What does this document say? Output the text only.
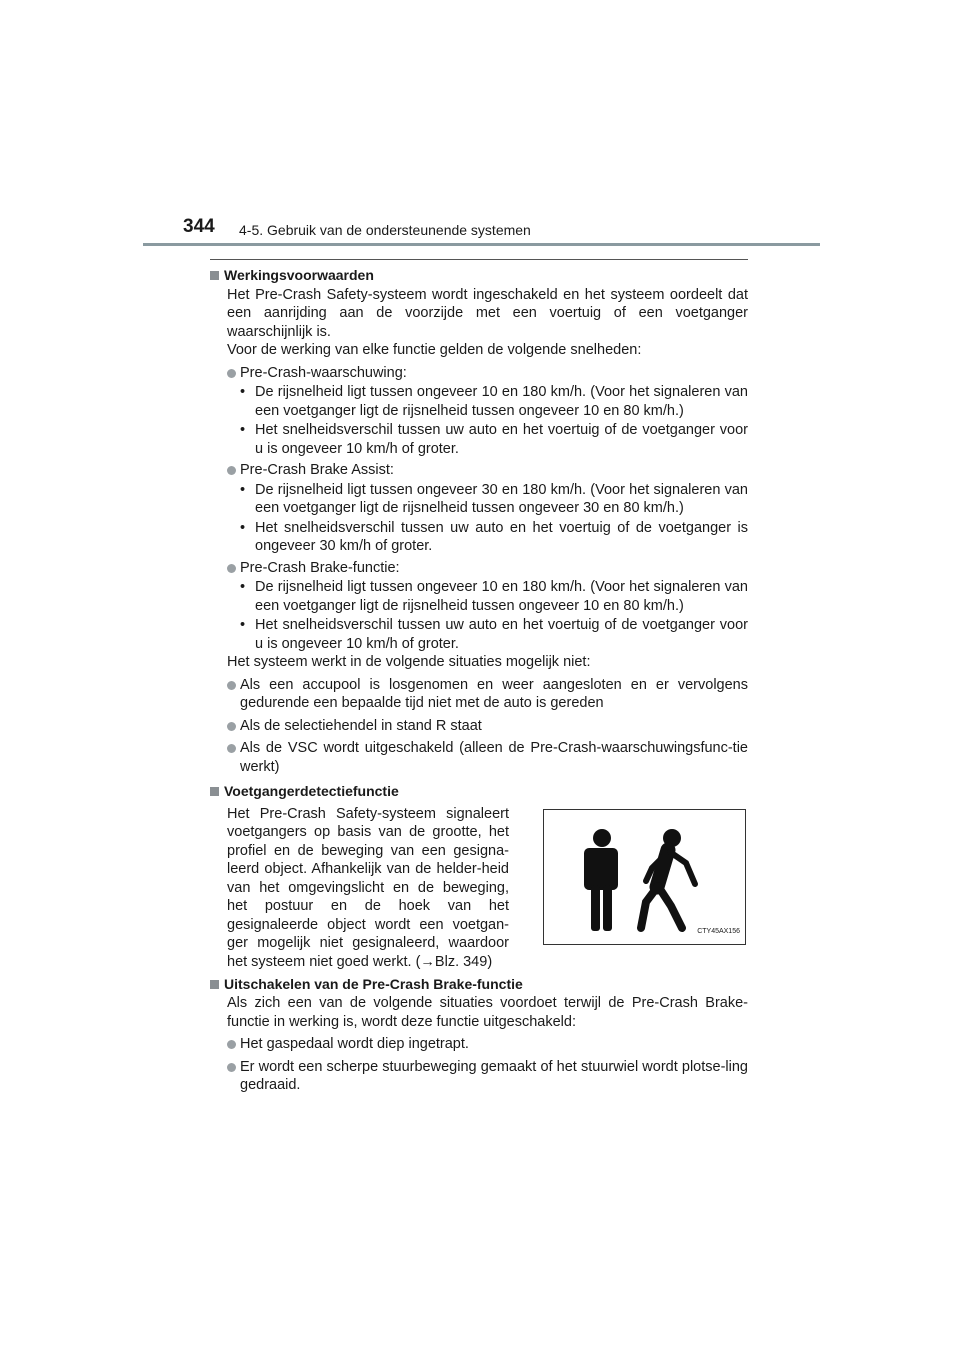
344 4-5. Gebruik van de ondersteunende systemen
Werkingsvoorwaarden
Het Pre-Crash Safety-systeem wordt ingeschakeld en het systeem oordeelt dat een aanrijding aan de voorzijde met een voertuig of een voetganger waarschijnlijk is.
Voor de werking van elke functie gelden de volgende snelheden:
Pre-Crash-waarschuwing:
• De rijsnelheid ligt tussen ongeveer 10 en 180 km/h. (Voor het signaleren van een voetganger ligt de rijsnelheid tussen ongeveer 10 en 80 km/h.)
• Het snelheidsverschil tussen uw auto en het voertuig of de voetganger voor u is ongeveer 10 km/h of groter.
Pre-Crash Brake Assist:
• De rijsnelheid ligt tussen ongeveer 30 en 180 km/h. (Voor het signaleren van een voetganger ligt de rijsnelheid tussen ongeveer 30 en 80 km/h.)
• Het snelheidsverschil tussen uw auto en het voertuig of de voetganger is ongeveer 30 km/h of groter.
Pre-Crash Brake-functie:
• De rijsnelheid ligt tussen ongeveer 10 en 180 km/h. (Voor het signaleren van een voetganger ligt de rijsnelheid tussen ongeveer 10 en 80 km/h.)
• Het snelheidsverschil tussen uw auto en het voertuig of de voetganger voor u is ongeveer 10 km/h of groter.
Het systeem werkt in de volgende situaties mogelijk niet:
Als een accupool is losgenomen en weer aangesloten en er vervolgens gedurende een bepaalde tijd niet met de auto is gereden
Als de selectiehendel in stand R staat
Als de VSC wordt uitgeschakeld (alleen de Pre-Crash-waarschuwingsfunc-tie werkt)
Voetgangerdetectiefunctie
Het Pre-Crash Safety-systeem signaleert voetgangers op basis van de grootte, het profiel en de beweging van een gesigna-leerd object. Afhankelijk van de helder-heid van het omgevingslicht en de beweging, het postuur en de hoek van het gesignaleerde object wordt een voetgan-ger mogelijk niet gesignaleerd, waardoor het systeem niet goed werkt. (→Blz. 349)
CTY45AX156
Uitschakelen van de Pre-Crash Brake-functie
Als zich een van de volgende situaties voordoet terwijl de Pre-Crash Brake-functie in werking is, wordt deze functie uitgeschakeld:
Het gaspedaal wordt diep ingetrapt.
Er wordt een scherpe stuurbeweging gemaakt of het stuurwiel wordt plotse-ling gedraaid.
